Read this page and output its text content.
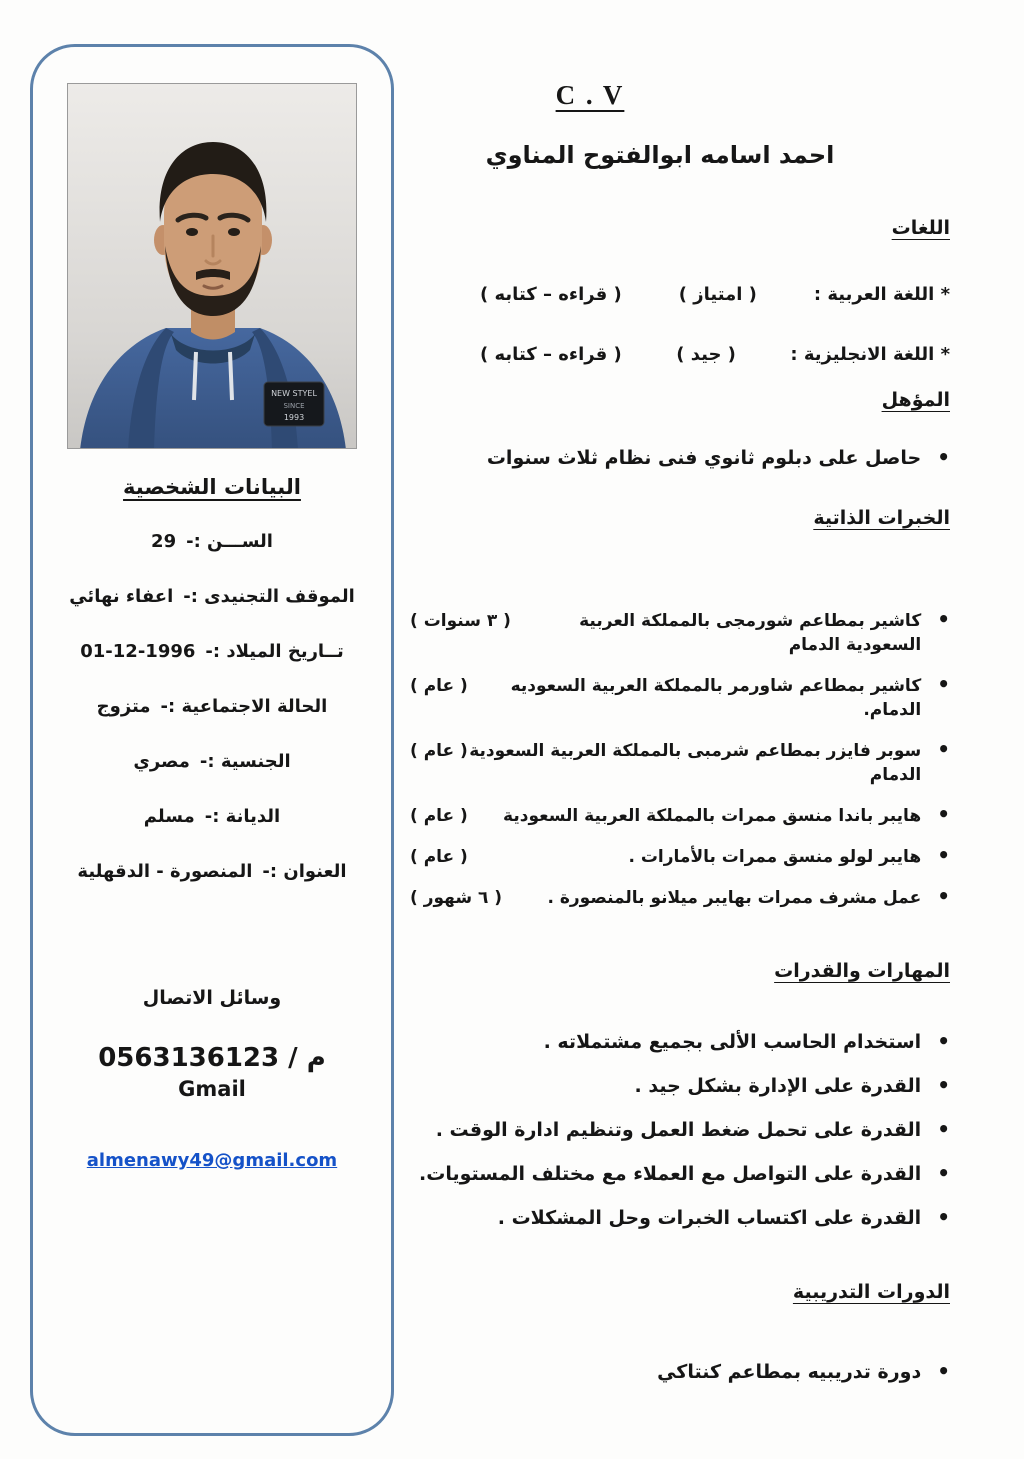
NEW STYEL
SINCE
1993
البيانات الشخصية
الســـن :-
29
الموقف التجنيدى :-
اعفاء نهائي
تــاريخ الميلاد :-
01-12-1996
الحالة الاجتماعية :-
متزوج
الجنسية :-
مصري
الديانة :-
مسلم
العنوان :-
المنصورة - الدقهلية
وسائل الاتصال
م / 0563136123
Gmail

almenawy49@gmail.com
C . V
احمد اسامه ابوالفتوح المناوي
اللغات
* اللغة العربية :
( امتياز )
( قراءه – كتابه )
* اللغة الانجليزية :
( جيد )
( قراءه – كتابه )
المؤهل
•
حاصل على دبلوم ثانوي فنى نظام ثلاث سنوات
الخبرات الذاتية
•
كاشير بمطاعم شورمجى بالمملكة العربية السعودية الدمام
( ٣ سنوات )
•
كاشير بمطاعم شاورمر بالمملكة العربية السعوديه الدمام.
( عام )
•
سوبر فايزر بمطاعم شرمبى بالمملكة العربية السعودية الدمام
( عام )
•
هايبر باندا منسق ممرات بالمملكة العربية السعودية
( عام )
•
هايبر لولو منسق ممرات بالأمارات .
( عام )
•
عمل مشرف ممرات بهايبر ميلانو بالمنصورة .
( ٦ شهور )
المهارات والقدرات
•
استخدام الحاسب الألى بجميع مشتملاته .
•
القدرة على الإدارة بشكل جيد .
•
القدرة على تحمل ضغط العمل وتنظيم ادارة الوقت .
•
القدرة على التواصل مع العملاء مع مختلف المستويات.
•
القدرة على اكتساب الخبرات وحل المشكلات .
الدورات التدريبية
•
دورة تدريبيه بمطاعم كنتاكي
